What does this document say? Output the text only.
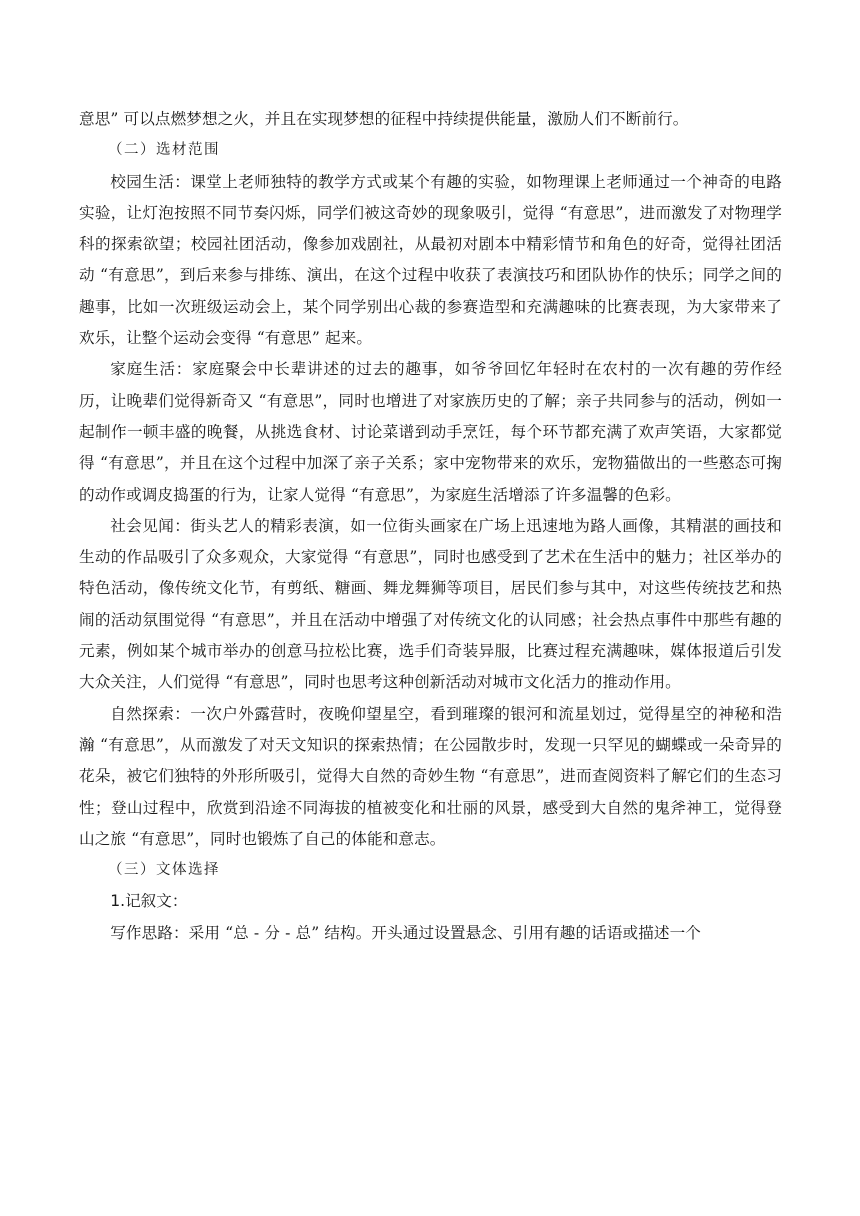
意思” 可以点燃梦想之火，并且在实现梦想的征程中持续提供能量，激励人们不断前行。

（二）选材范围

校园生活：课堂上老师独特的教学方式或某个有趣的实验，如物理课上老师通过一个神奇的电路实验，让灯泡按照不同节奏闪烁，同学们被这奇妙的现象吸引，觉得 “有意思”，进而激发了对物理学科的探索欲望；校园社团活动，像参加戏剧社，从最初对剧本中精彩情节和角色的好奇，觉得社团活动 “有意思”，到后来参与排练、演出，在这个过程中收获了表演技巧和团队协作的快乐；同学之间的趣事，比如一次班级运动会上，某个同学别出心裁的参赛造型和充满趣味的比赛表现，为大家带来了欢乐，让整个运动会变得 “有意思” 起来。

家庭生活：家庭聚会中长辈讲述的过去的趣事，如爷爷回忆年轻时在农村的一次有趣的劳作经历，让晚辈们觉得新奇又 “有意思”，同时也增进了对家族历史的了解；亲子共同参与的活动，例如一起制作一顿丰盛的晚餐，从挑选食材、讨论菜谱到动手烹饪，每个环节都充满了欢声笑语，大家都觉得 “有意思”，并且在这个过程中加深了亲子关系；家中宠物带来的欢乐，宠物猫做出的一些憨态可掬的动作或调皮捣蛋的行为，让家人觉得 “有意思”，为家庭生活增添了许多温馨的色彩。

社会见闻：街头艺人的精彩表演，如一位街头画家在广场上迅速地为路人画像，其精湛的画技和生动的作品吸引了众多观众，大家觉得 “有意思”，同时也感受到了艺术在生活中的魅力；社区举办的特色活动，像传统文化节，有剪纸、糖画、舞龙舞狮等项目，居民们参与其中，对这些传统技艺和热闹的活动氛围觉得 “有意思”，并且在活动中增强了对传统文化的认同感；社会热点事件中那些有趣的元素，例如某个城市举办的创意马拉松比赛，选手们奇装异服，比赛过程充满趣味，媒体报道后引发大众关注，人们觉得 “有意思”，同时也思考这种创新活动对城市文化活力的推动作用。

自然探索：一次户外露营时，夜晚仰望星空，看到璀璨的银河和流星划过，觉得星空的神秘和浩瀚 “有意思”，从而激发了对天文知识的探索热情；在公园散步时，发现一只罕见的蝴蝶或一朵奇异的花朵，被它们独特的外形所吸引，觉得大自然的奇妙生物 “有意思”，进而查阅资料了解它们的生态习性；登山过程中，欣赏到沿途不同海拔的植被变化和壮丽的风景，感受到大自然的鬼斧神工，觉得登山之旅 “有意思”，同时也锻炼了自己的体能和意志。

（三）文体选择

1.记叙文：

写作思路：采用 “总 - 分 - 总” 结构。开头通过设置悬念、引用有趣的话语或描述一个
